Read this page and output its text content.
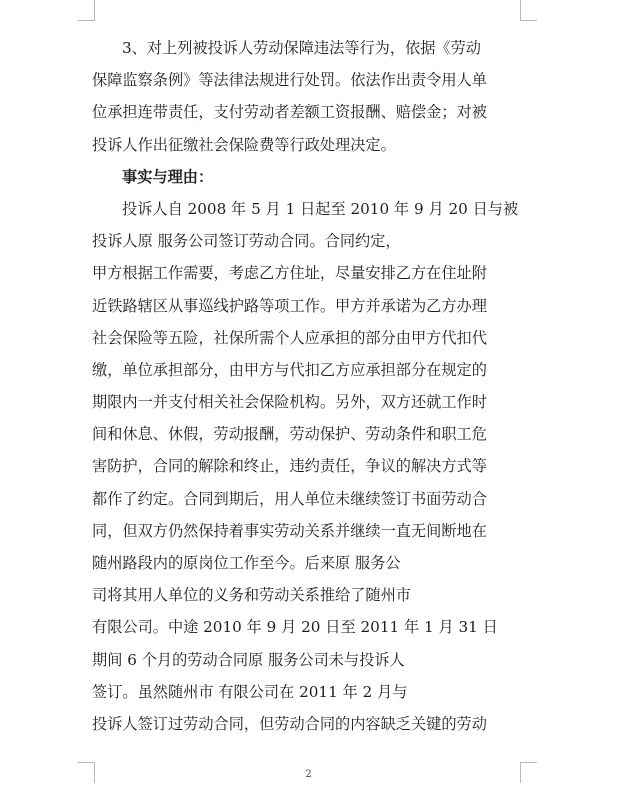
3、对上列被投诉人劳动保障违法等行为，依据《劳动
保障监察条例》等法律法规进行处罚。依法作出责令用人单
位承担连带责任，支付劳动者差额工资报酬、赔偿金；对被
投诉人作出征缴社会保险费等行政处理决定。
事实与理由：
投诉人自 2008 年 5 月 1 日起至 2010 年 9 月 20 日与被
投诉人原 服务公司签订劳动合同。合同约定，
甲方根据工作需要，考虑乙方住址，尽量安排乙方在住址附
近铁路辖区从事巡线护路等项工作。甲方并承诺为乙方办理
社会保险等五险，社保所需个人应承担的部分由甲方代扣代
缴，单位承担部分，由甲方与代扣乙方应承担部分在规定的
期限内一并支付相关社会保险机构。另外，双方还就工作时
间和休息、休假，劳动报酬，劳动保护、劳动条件和职工危
害防护，合同的解除和终止，违约责任，争议的解决方式等
都作了约定。合同到期后，用人单位未继续签订书面劳动合
同，但双方仍然保持着事实劳动关系并继续一直无间断地在
随州路段内的原岗位工作至今。后来原 服务公
司将其用人单位的义务和劳动关系推给了随州市
有限公司。中途 2010 年 9 月 20 日至 2011 年 1 月 31 日
期间 6 个月的劳动合同原 服务公司未与投诉人
签订。虽然随州市 有限公司在 2011 年 2 月与
投诉人签订过劳动合同，但劳动合同的内容缺乏关键的劳动
2
